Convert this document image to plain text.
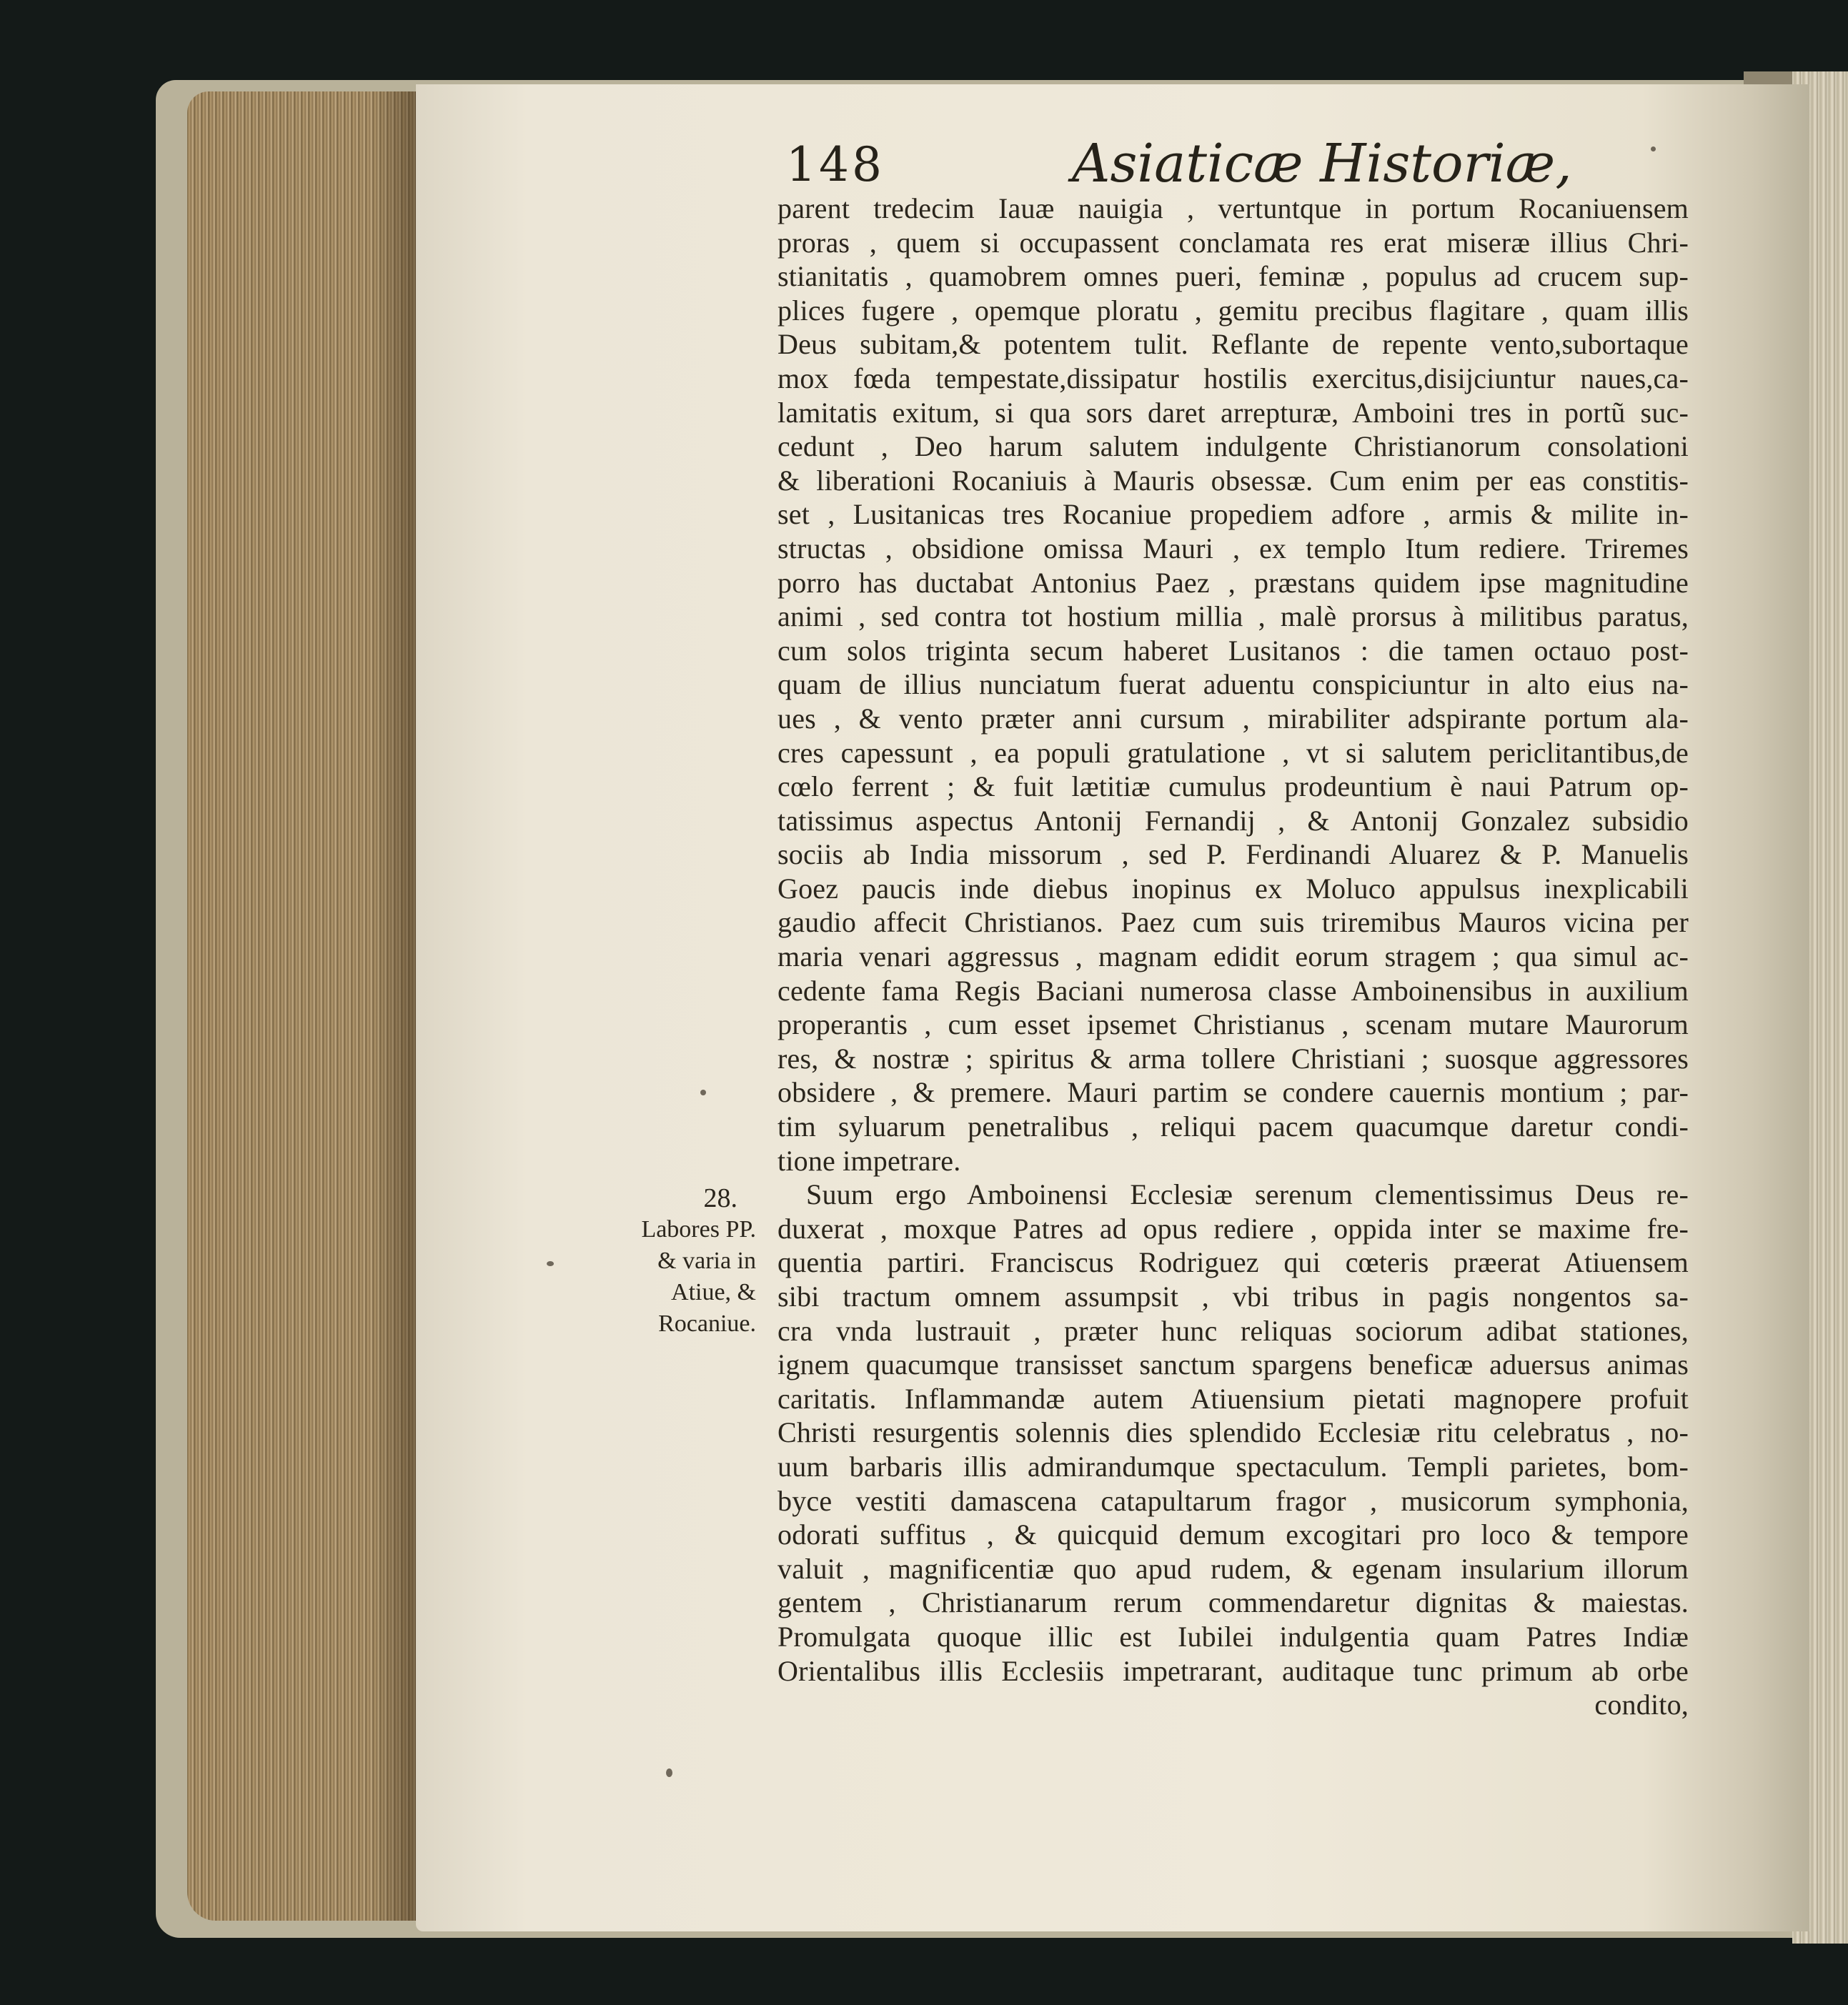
148	Asiaticæ Historiæ,
28.
Labores PP.
& varia in
Atiue, &
Rocaniue.
parent tredecim Iauæ nauigia , vertuntque in portum Rocaniuensem
proras , quem si occupassent conclamata res erat miseræ illius Chri-
stianitatis , quamobrem omnes pueri, feminæ , populus ad crucem sup-
plices fugere , opemque ploratu , gemitu precibus flagitare , quam illis
Deus subitam,& potentem tulit. Reflante de repente vento,subortaque
mox fœda tempestate,dissipatur hostilis exercitus,disijciuntur naues,ca-
lamitatis exitum, si qua sors daret arrepturæ, Amboini tres in portũ suc-
cedunt , Deo harum salutem indulgente Christianorum consolationi
& liberationi Rocaniuis à Mauris obsessæ. Cum enim per eas constitis-
set , Lusitanicas tres Rocaniue propediem adfore , armis & milite in-
structas , obsidione omissa Mauri , ex templo Itum rediere. Triremes
porro has ductabat Antonius Paez , præstans quidem ipse magnitudine
animi , sed contra tot hostium millia , malè prorsus à militibus paratus,
cum solos triginta secum haberet Lusitanos : die tamen octauo post-
quam de illius nunciatum fuerat aduentu conspiciuntur in alto eius na-
ues , & vento præter anni cursum , mirabiliter adspirante portum ala-
cres capessunt , ea populi gratulatione , vt si salutem periclitantibus,de
cœlo ferrent ; & fuit lætitiæ cumulus prodeuntium è naui Patrum op-
tatissimus aspectus Antonij Fernandij , & Antonij Gonzalez subsidio
sociis ab India missorum , sed P. Ferdinandi Aluarez & P. Manuelis
Goez paucis inde diebus inopinus ex Moluco appulsus inexplicabili
gaudio affecit Christianos. Paez cum suis triremibus Mauros vicina per
maria venari aggressus , magnam edidit eorum stragem ; qua simul ac-
cedente fama Regis Baciani numerosa classe Amboinensibus in auxilium
properantis , cum esset ipsemet Christianus , scenam mutare Maurorum
res, & nostræ ; spiritus & arma tollere Christiani ; suosque aggressores
obsidere , & premere. Mauri partim se condere cauernis montium ; par-
tim syluarum penetralibus , reliqui pacem quacumque daretur condi-
tione impetrare.
Suum ergo Amboinensi Ecclesiæ serenum clementissimus Deus re-
duxerat , moxque Patres ad opus rediere , oppida inter se maxime fre-
quentia partiri. Franciscus Rodriguez qui cœteris præerat Atiuensem
sibi tractum omnem assumpsit , vbi tribus in pagis nongentos sa-
cra vnda lustrauit , præter hunc reliquas sociorum adibat stationes,
ignem quacumque transisset sanctum spargens beneficæ aduersus animas
caritatis. Inflammandæ autem Atiuensium pietati magnopere profuit
Christi resurgentis solennis dies splendido Ecclesiæ ritu celebratus , no-
uum barbaris illis admirandumque spectaculum. Templi parietes, bom-
byce vestiti damascena catapultarum fragor , musicorum symphonia,
odorati suffitus , & quicquid demum excogitari pro loco & tempore
valuit , magnificentiæ quo apud rudem, & egenam insularium illorum
gentem , Christianarum rerum commendaretur dignitas & maiestas.
Promulgata quoque illic est Iubilei indulgentia quam Patres Indiæ
Orientalibus illis Ecclesiis impetrarant, auditaque tunc primum ab orbe
condito,
